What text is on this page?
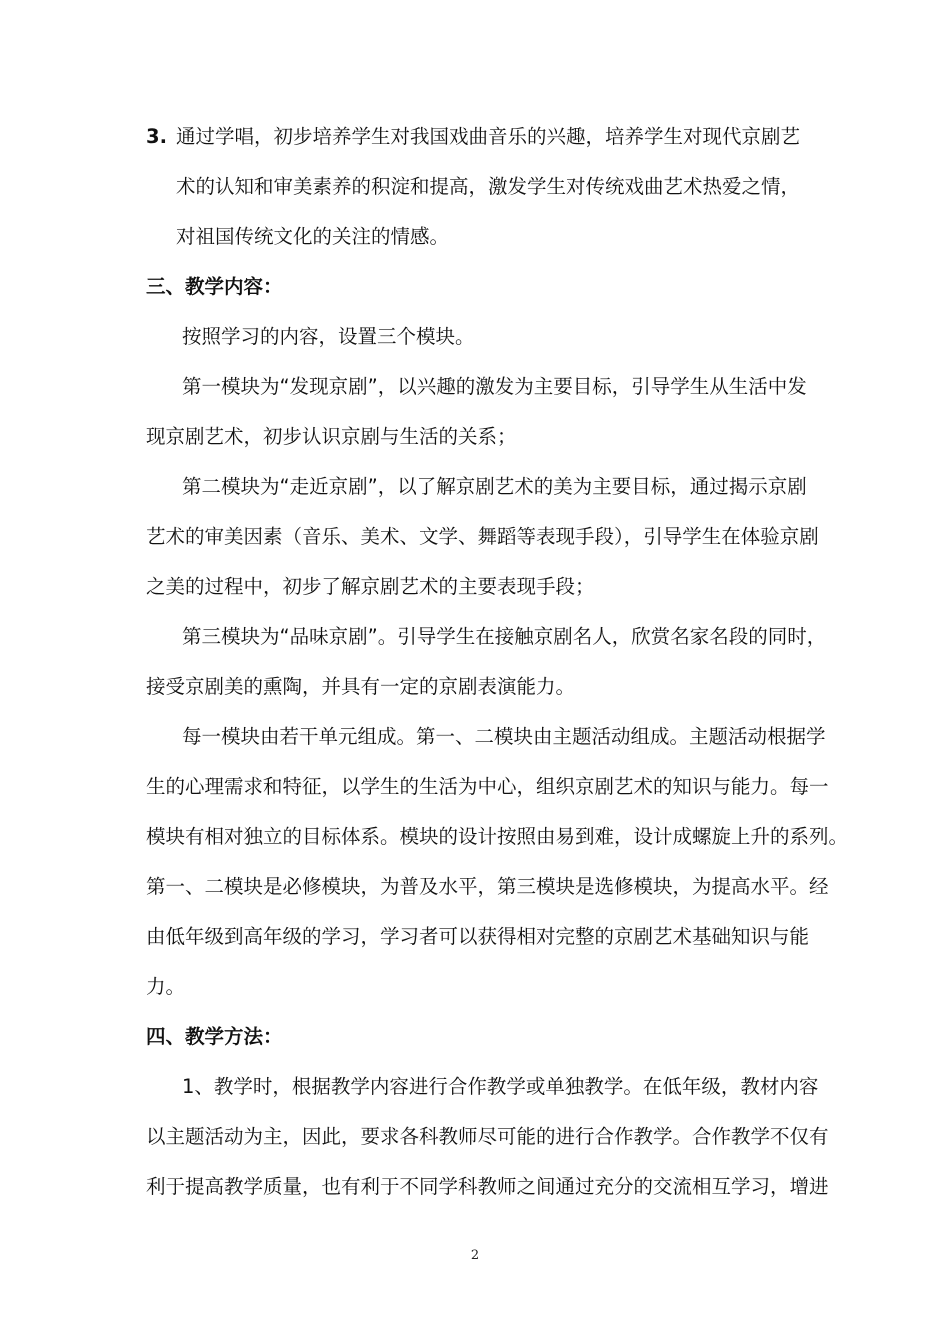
3. 通过学唱，初步培养学生对我国戏曲音乐的兴趣，培养学生对现代京剧艺
术的认知和审美素养的积淀和提高，激发学生对传统戏曲艺术热爱之情，
对祖国传统文化的关注的情感。
三、教学内容：
按照学习的内容，设置三个模块。
第一模块为“发现京剧”，以兴趣的激发为主要目标，引导学生从生活中发
现京剧艺术，初步认识京剧与生活的关系；
第二模块为“走近京剧”，以了解京剧艺术的美为主要目标，通过揭示京剧
艺术的审美因素（音乐、美术、文学、舞蹈等表现手段），引导学生在体验京剧
之美的过程中，初步了解京剧艺术的主要表现手段；
第三模块为“品味京剧”。引导学生在接触京剧名人，欣赏名家名段的同时，
接受京剧美的熏陶，并具有一定的京剧表演能力。
每一模块由若干单元组成。第一、二模块由主题活动组成。主题活动根据学
生的心理需求和特征，以学生的生活为中心，组织京剧艺术的知识与能力。每一
模块有相对独立的目标体系。模块的设计按照由易到难，设计成螺旋上升的系列。
第一、二模块是必修模块，为普及水平，第三模块是选修模块，为提高水平。经
由低年级到高年级的学习，学习者可以获得相对完整的京剧艺术基础知识与能
力。
四、教学方法：
1、教学时，根据教学内容进行合作教学或单独教学。在低年级，教材内容
以主题活动为主，因此，要求各科教师尽可能的进行合作教学。合作教学不仅有
利于提高教学质量，也有利于不同学科教师之间通过充分的交流相互学习，增进
2
